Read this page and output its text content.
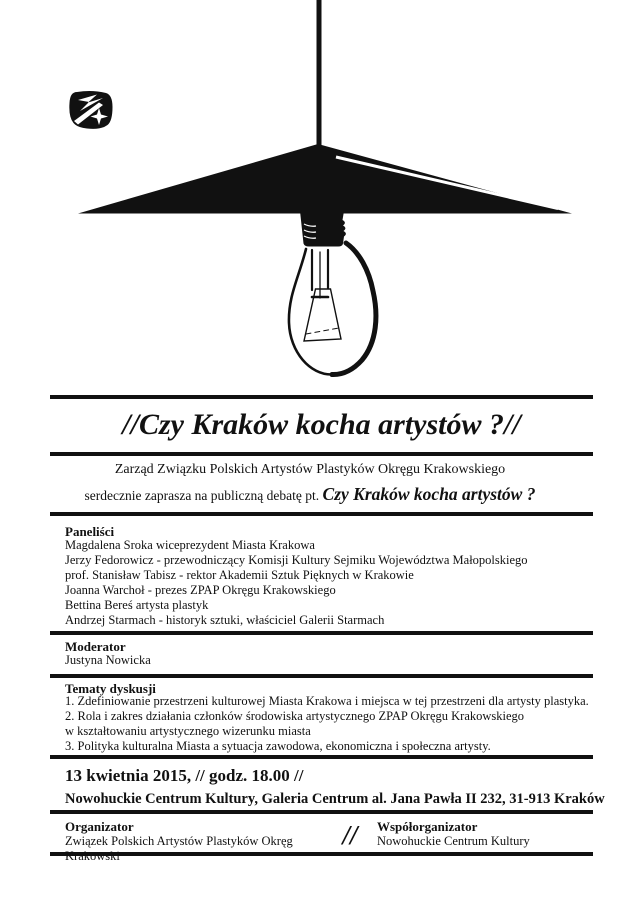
//Czy Kraków kocha artystów ?//
Zarząd Związku Polskich Artystów Plastyków Okręgu Krakowskiego
serdecznie zaprasza na publiczną debatę pt. Czy Kraków kocha artystów ?
Paneliści
Magdalena Sroka wiceprezydent Miasta Krakowa
Jerzy Fedorowicz - przewodniczący Komisji Kultury Sejmiku Województwa Małopolskiego
prof. Stanisław Tabisz - rektor Akademii Sztuk Pięknych w Krakowie
Joanna Warchoł - prezes ZPAP Okręgu Krakowskiego
Bettina Bereś artysta plastyk
Andrzej Starmach - historyk sztuki, właściciel Galerii Starmach
Moderator
Justyna Nowicka
Tematy dyskusji
1. Zdefiniowanie przestrzeni kulturowej Miasta Krakowa i miejsca w tej przestrzeni dla artysty plastyka.
2. Rola i zakres działania członków środowiska artystycznego ZPAP Okręgu Krakowskiego
w kształtowaniu artystycznego wizerunku miasta
3. Polityka kulturalna Miasta a sytuacja zawodowa, ekonomiczna i społeczna artysty.
13 kwietnia 2015, // godz. 18.00 //
Nowohuckie Centrum Kultury, Galeria Centrum al. Jana Pawła II 232, 31-913 Kraków
Organizator
Związek Polskich Artystów Plastyków Okręg Krakowski
//	Współorganizator
Nowohuckie Centrum Kultury
